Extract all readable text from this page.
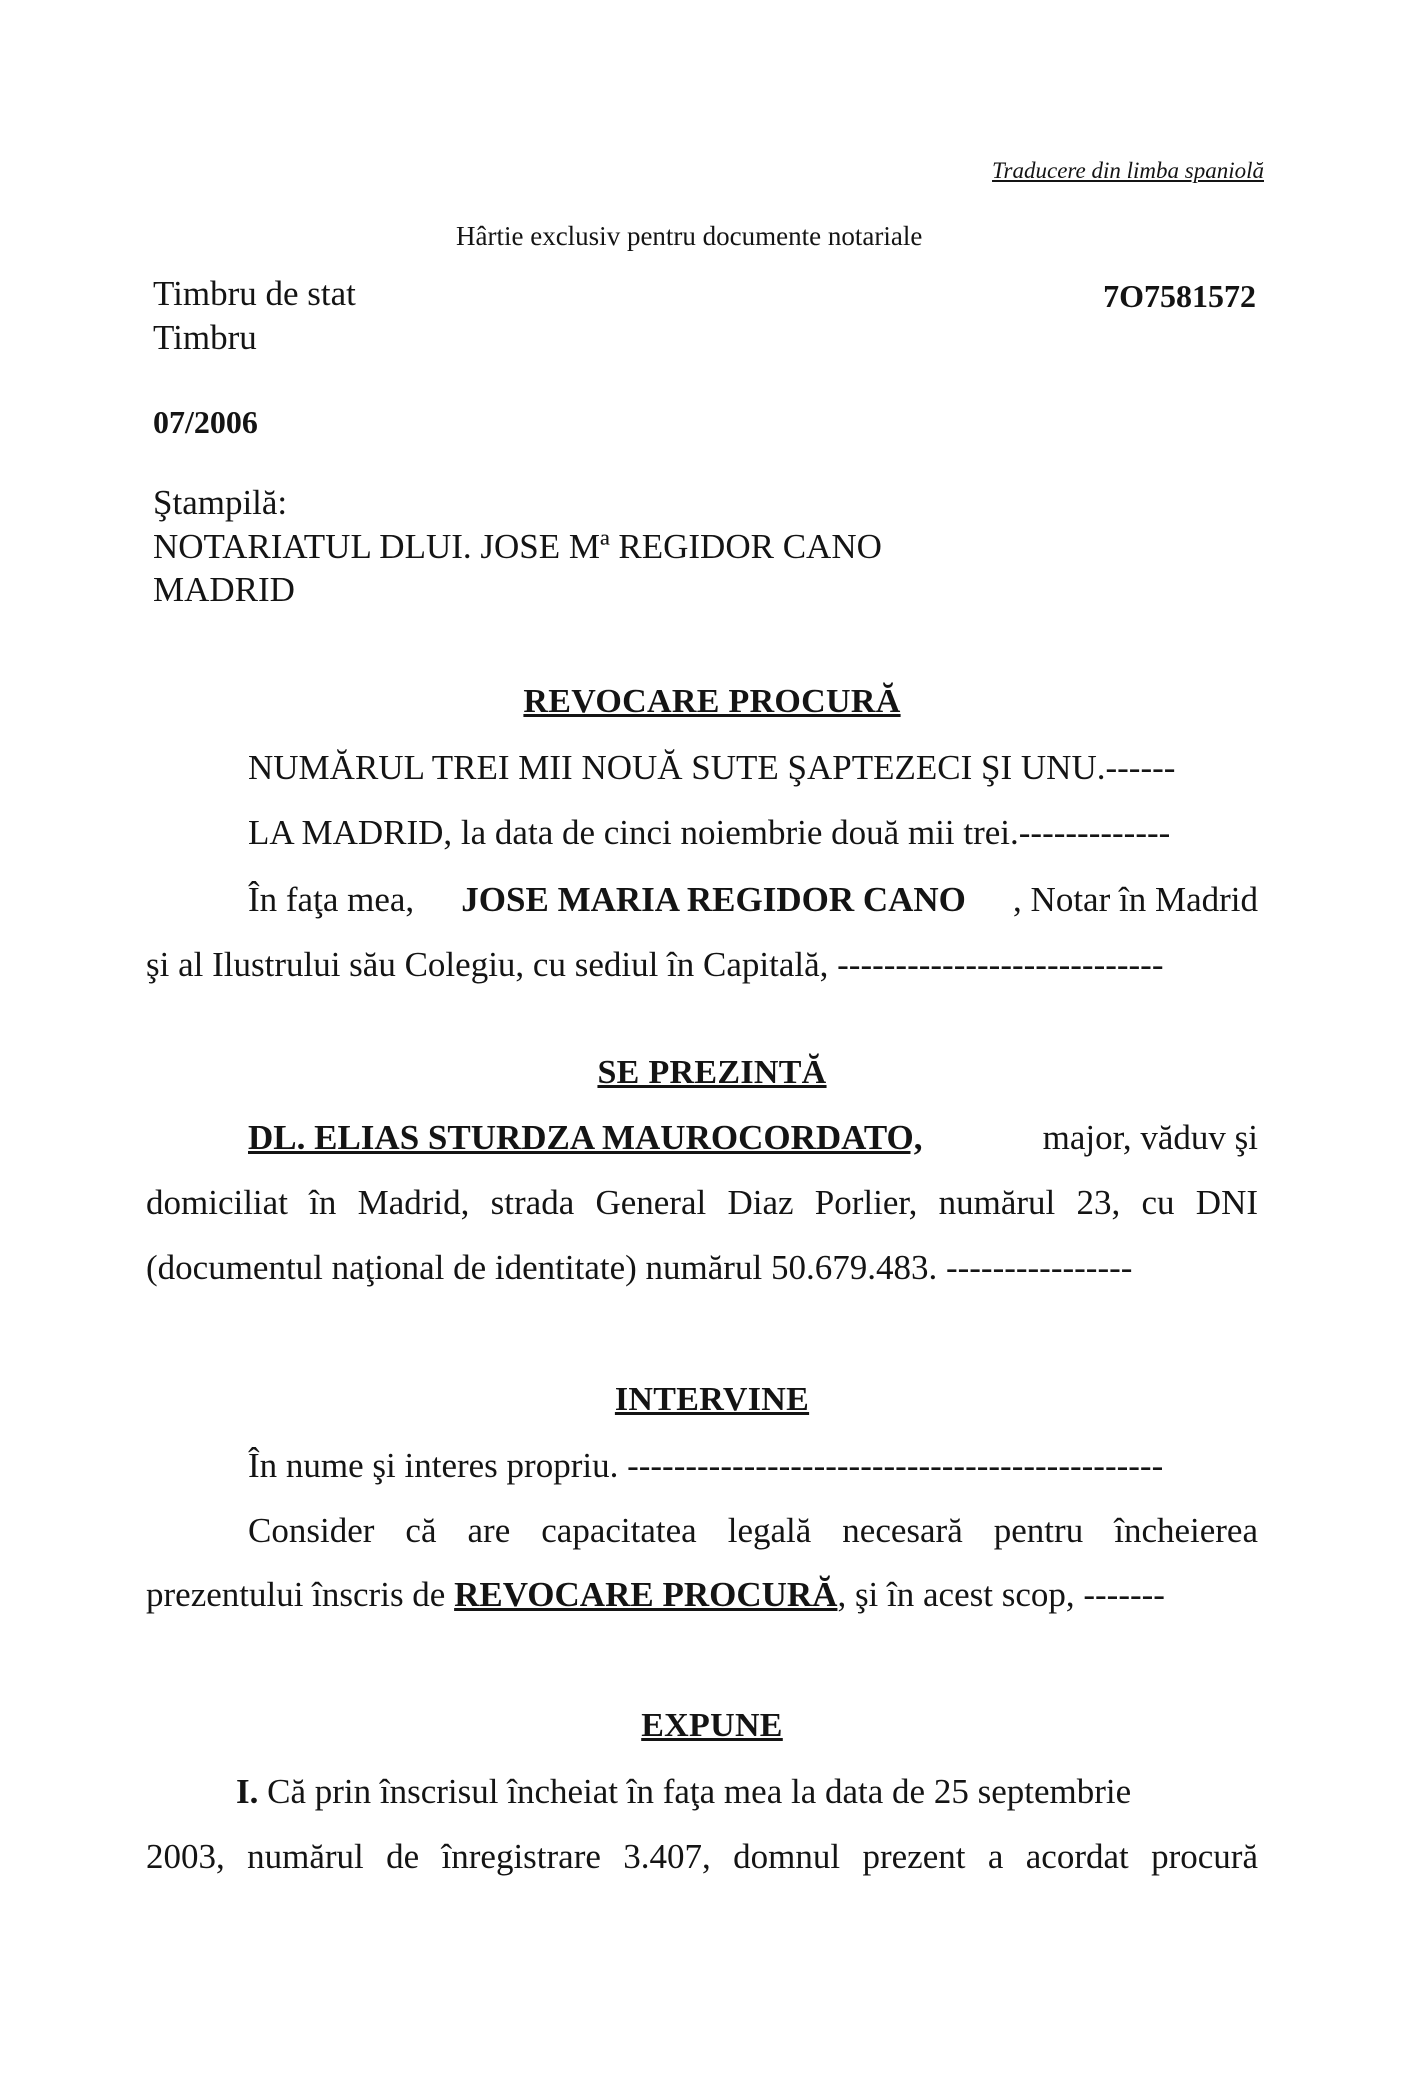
Traducere din limba spaniolă
Hârtie exclusiv pentru documente notariale
Timbru de stat
Timbru
7O7581572
07/2006
Ştampilă:
NOTARIATUL DLUI. JOSE Mª REGIDOR CANO
MADRID
REVOCARE PROCURĂ
NUMĂRUL TREI MII NOUĂ SUTE ŞAPTEZECI ŞI UNU.------
LA MADRID, la data de cinci noiembrie două mii trei.-------------
În faţa mea, JOSE MARIA REGIDOR CANO , Notar în Madrid
şi al Ilustrului său Colegiu, cu sediul în Capitală, ----------------------------
SE PREZINTĂ
DL. ELIAS STURDZA MAUROCORDATO,	major, văduv şi
domiciliat în Madrid, strada General Diaz Porlier, numărul 23, cu DNI
(documentul naţional de identitate) numărul 50.679.483. ----------------
INTERVINE
În nume şi interes propriu. ----------------------------------------------
Consider că are capacitatea legală necesară pentru încheierea
prezentului înscris de REVOCARE PROCURĂ, şi în acest scop, -------
EXPUNE
I. Că prin înscrisul încheiat în faţa mea la data de 25 septembrie
2003, numărul de înregistrare 3.407, domnul prezent a acordat procură
